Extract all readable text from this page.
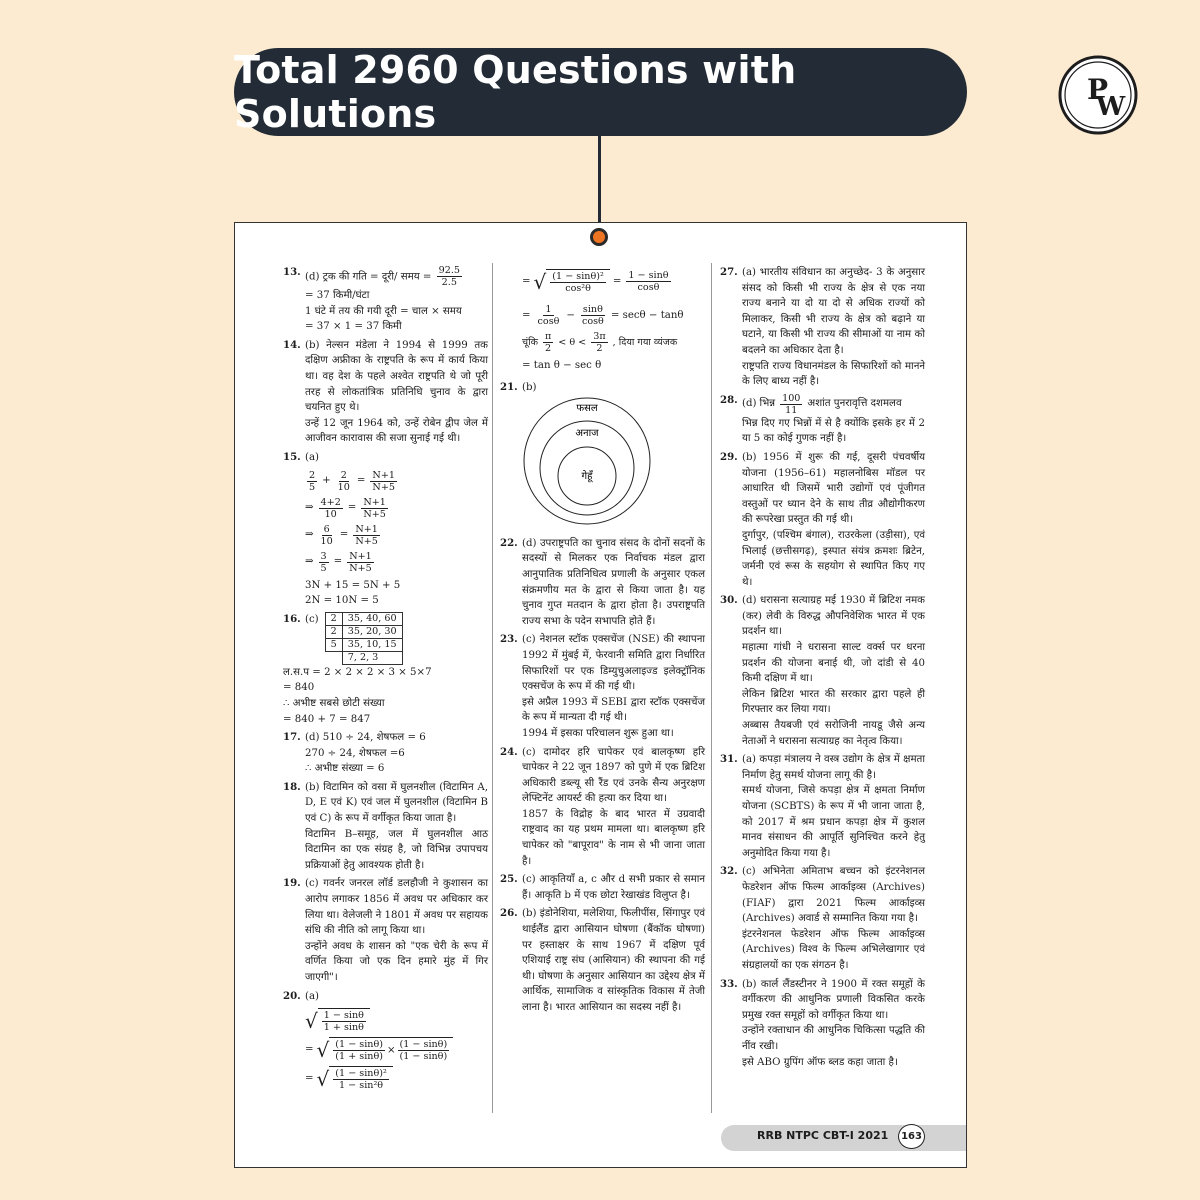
Total 2960 Questions with Solutions
P
W
13. (d) ट्रक की गति = दूरी/ समय = $\frac{92.5}{2.5}$
= 37 किमी/घंटा
1 घंटे में तय की गयी दूरी = चाल × समय
= 37 × 1 = 37 किमी
14. (b) नेल्सन मंडेला ने 1994 से 1999 तक दक्षिण अफ्रीका के राष्ट्रपति के रूप में कार्य किया था। वह देश के पहले अश्वेत राष्ट्रपति थे जो पूरी तरह से लोकतांत्रिक प्रतिनिधि चुनाव के द्वारा चयनित हुए थे।
उन्हें 12 जून 1964 को, उन्हें रोबेन द्वीप जेल में आजीवन कारावास की सजा सुनाई गई थी।
15. (a)
$\frac{2}{5} + \frac{2}{10} = \frac{N+1}{N+5}$
⇒ $\frac{4+2}{10} = \frac{N+1}{N+5}$
⇒ $\frac{6}{10} = \frac{N+1}{N+5}$
⇒ $\frac{3}{5} = \frac{N+1}{N+5}$
3N + 15 = 5N + 5
2N = 10N = 5
16. (c) 2	35, 40, 60
2	35, 20, 30
5	35, 10, 15
	7, 2, 3
ल.स.प = 2 × 2 × 2 × 3 × 5×7
= 840
∴ अभीष्ट सबसे छोटी संख्या
= 840 + 7 = 847
17. (d) 510 ÷ 24, शेषफल = 6
270 ÷ 24, शेषफल =6
∴ अभीष्ट संख्या = 6
18. (b) विटामिन को वसा में घुलनशील (विटामिन A, D, E एवं K) एवं जल में घुलनशील (विटामिन B एवं C) के रूप में वर्गीकृत किया जाता है।
विटामिन B–समूह, जल में घुलनशील आठ विटामिन का एक संग्रह है, जो विभिन्न उपापचय प्रक्रियाओं हेतु आवश्यक होती है।
19. (c) गवर्नर जनरल लॉर्ड डलहौजी ने कुशासन का आरोप लगाकर 1856 में अवध पर अधिकार कर लिया था। वेलेजली ने 1801 में अवध पर सहायक संधि की नीति को लागू किया था।
उन्होंने अवध के शासन को "एक चेरी के रूप में वर्णित किया जो एक दिन हमारे मुंह में गिर जाएगी"।
20. (a)
√ $\frac{1 - \sin\theta}{1 + \sin\theta}$
= √ $\frac{(1 - \sin\theta)}{(1 + \sin\theta)} \times \frac{(1 - \sin\theta)}{(1 - \sin\theta)}$
= √ $\frac{\text{(1 − sinθ)²}}{\text{1 − sin²θ}}$
= √ $\frac{\text{(1 − sinθ)²}}{\text{cos²θ}} = \frac{1 - \sin\theta}{\cos\theta}$
= $\frac{1}{\cos\theta} - \frac{\sin\theta}{\cos\theta} = \sec\theta - \tan\theta$
चूंकि $\frac{\pi}{2} < \theta < \frac{3\pi}{2}$ , दिया गया व्यंजक
= tan θ − sec θ
21. (b)
फसल
अनाज
गेहूँ
22. (d) उपराष्ट्रपति का चुनाव संसद के दोनों सदनों के सदस्यों से मिलकर एक निर्वाचक मंडल द्वारा आनुपातिक प्रतिनिधित्व प्रणाली के अनुसार एकल संक्रमणीय मत के द्वारा से किया जाता है। यह चुनाव गुप्त मतदान के द्वारा होता है। उपराष्ट्रपति राज्य सभा के पदेन सभापति होते हैं।
23. (c) नेशनल स्टॉक एक्सचेंज (NSE) की स्थापना 1992 में मुंबई में, फेरवानी समिति द्वारा निर्धारित सिफारिशों पर एक डिम्युचुअलाइज्ड इलेक्ट्रॉनिक एक्सचेंज के रूप में की गई थी।
इसे अप्रैल 1993 में SEBI द्वारा स्टॉक एक्सचेंज के रूप में मान्यता दी गई थी।
1994 में इसका परिचालन शुरू हुआ था।
24. (c) दामोदर हरि चापेकर एवं बालकृष्ण हरि चापेकर ने 22 जून 1897 को पुणे में एक ब्रिटिश अधिकारी डब्ल्यू सी रैंड एवं उनके सैन्य अनुरक्षण लेफ्टिनेंट आयर्स्ट की हत्या कर दिया था।
1857 के विद्रोह के बाद भारत में उग्रवादी राष्ट्रवाद का यह प्रथम मामला था। बालकृष्ण हरि चापेकर को "बापूराव" के नाम से भी जाना जाता है।
25. (c) आकृतियाँ a, c और d सभी प्रकार से समान हैं। आकृति b में एक छोटा रेखाखंड विलुप्त है।
26. (b) इंडोनेशिया, मलेशिया, फिलीपींस, सिंगापुर एवं थाईलैंड द्वारा आसियान घोषणा (बैंकॉक घोषणा) पर हस्ताक्षर के साथ 1967 में दक्षिण पूर्व एशियाई राष्ट्र संघ (आसियान) की स्थापना की गई थी। घोषणा के अनुसार आसियान का उद्देश्य क्षेत्र में आर्थिक, सामाजिक व सांस्कृतिक विकास में तेजी लाना है। भारत आसियान का सदस्य नहीं है।
27. (a) भारतीय संविधान का अनुच्छेद- 3 के अनुसार संसद को किसी भी राज्य के क्षेत्र से एक नया राज्य बनाने या दो या दो से अधिक राज्यों को मिलाकर, किसी भी राज्य के क्षेत्र को बढ़ाने या घटाने, या किसी भी राज्य की सीमाओं या नाम को बदलने का अधिकार देता है।
राष्ट्रपति राज्य विधानमंडल के सिफारिशों को मानने के लिए बाध्य नहीं है।
28. (d) भिन्न $\frac{100}{11}$ अशांत पुनरावृत्ति दशमलव
भिन्न दिए गए भिन्नों में से है क्योंकि इसके हर में 2 या 5 का कोई गुणक नहीं है।
29. (b) 1956 में शुरू की गई, दूसरी पंचवर्षीय योजना (1956–61) महालनोबिस मॉडल पर आधारित थी जिसमें भारी उद्योगों एवं पूंजीगत वस्तुओं पर ध्यान देने के साथ तीव्र औद्योगीकरण की रूपरेखा प्रस्तुत की गई थी।
दुर्गापुर, (पश्चिम बंगाल), राउरकेला (उड़ीसा), एवं भिलाई (छत्तीसगढ़), इस्पात संयंत्र क्रमशः ब्रिटेन, जर्मनी एवं रूस के सहयोग से स्थापित किए गए थे।
30. (d) धरासना सत्याग्रह मई 1930 में ब्रिटिश नमक (कर) लेवी के विरुद्ध औपनिवेशिक भारत में एक प्रदर्शन था।
महात्मा गांधी ने धरासना साल्ट वर्क्स पर धरना प्रदर्शन की योजना बनाई थी, जो दांडी से 40 किमी दक्षिण में था।
लेकिन ब्रिटिश भारत की सरकार द्वारा पहले ही गिरफ्तार कर लिया गया।
अब्बास तैयबजी एवं सरोजिनी नायडू जैसे अन्य नेताओं ने धरासना सत्याग्रह का नेतृत्व किया।
31. (a) कपड़ा मंत्रालय ने वस्त्र उद्योग के क्षेत्र में क्षमता निर्माण हेतु समर्थ योजना लागू की है।
समर्थ योजना, जिसे कपड़ा क्षेत्र में क्षमता निर्माण योजना (SCBTS) के रूप में भी जाना जाता है, को 2017 में श्रम प्रधान कपड़ा क्षेत्र में कुशल मानव संसाधन की आपूर्ति सुनिश्चित करने हेतु अनुमोदित किया गया है।
32. (c) अभिनेता अमिताभ बच्चन को इंटरनेशनल फेडरेशन ऑफ फिल्म आर्काइव्स (Archives) (FIAF) द्वारा 2021 फिल्म आर्काइव्स (Archives) अवार्ड से सम्मानित किया गया है।
इंटरनेशनल फेडरेशन ऑफ फिल्म आर्काइव्स (Archives) विश्व के फिल्म अभिलेखागार एवं संग्रहालयों का एक संगठन है।
33. (b) कार्ल लैंडस्टीनर ने 1900 में रक्त समूहों के वर्गीकरण की आधुनिक प्रणाली विकसित करके प्रमुख रक्त समूहों को वर्गीकृत किया था।
उन्होंने रक्ताधान की आधुनिक चिकित्सा पद्धति की नींव रखी।
इसे ABO ग्रुपिंग ऑफ ब्लड कहा जाता है।
RRB NTPC CBT-I 2021	163
